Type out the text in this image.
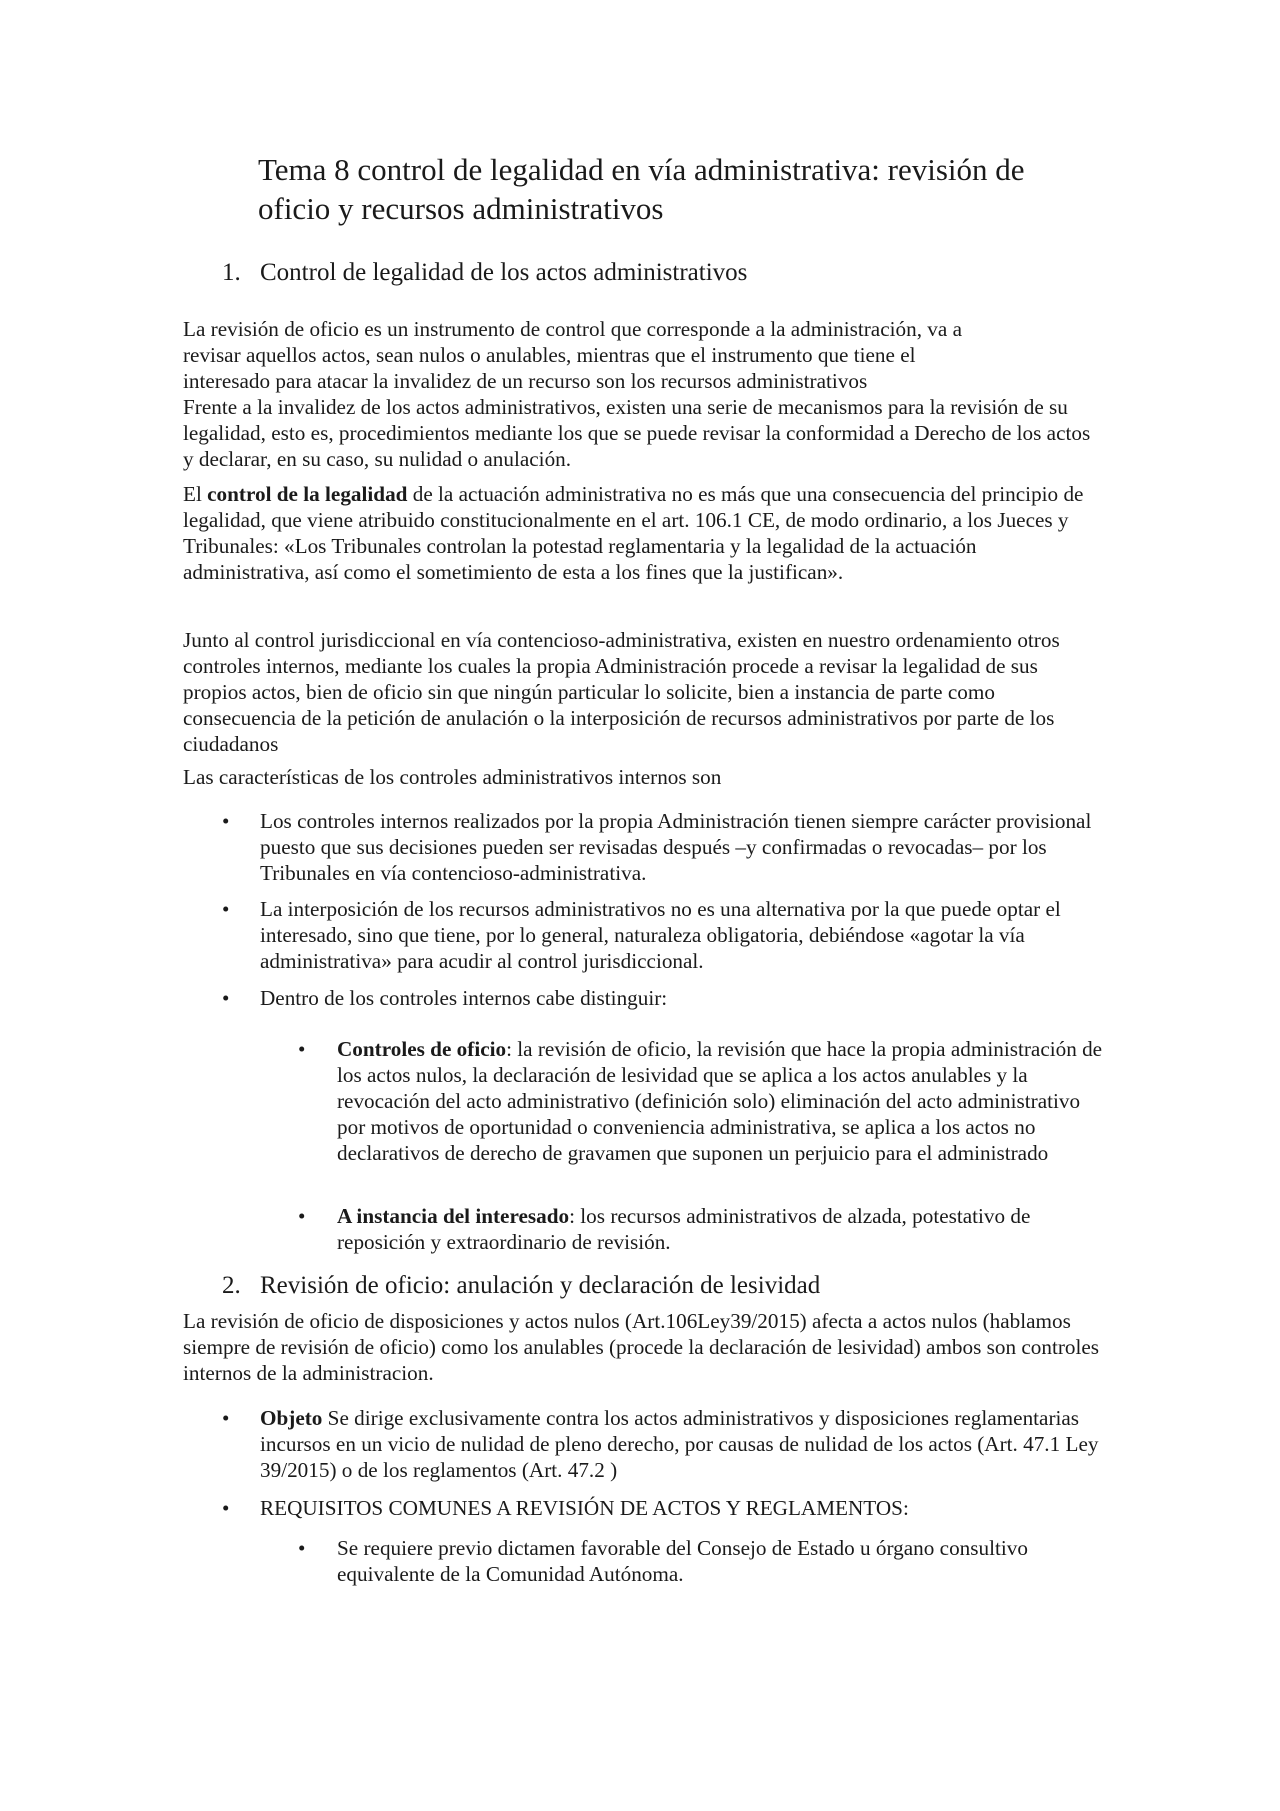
Tema 8 control de legalidad en vía administrativa: revisión de oficio y recursos administrativos
1. Control de legalidad de los actos administrativos
La revisión de oficio es un instrumento de control que corresponde a la administración, va a
revisar aquellos actos, sean nulos o anulables, mientras que el instrumento que tiene el
interesado para atacar la invalidez de un recurso son los recursos administrativos

Frente a la invalidez de los actos administrativos, existen una serie de mecanismos para la revisión de su legalidad, esto es, procedimientos mediante los que se puede revisar la conformidad a Derecho de los actos y declarar, en su caso, su nulidad o anulación.

El control de la legalidad de la actuación administrativa no es más que una consecuencia del principio de legalidad, que viene atribuido constitucionalmente en el art. 106.1 CE, de modo ordinario, a los Jueces y Tribunales: «Los Tribunales controlan la potestad reglamentaria y la legalidad de la actuación administrativa, así como el sometimiento de esta a los fines que la justifican».

Junto al control jurisdiccional en vía contencioso-administrativa, existen en nuestro ordenamiento otros controles internos, mediante los cuales la propia Administración procede a revisar la legalidad de sus propios actos, bien de oficio sin que ningún particular lo solicite, bien a instancia de parte como consecuencia de la petición de anulación o la interposición de recursos administrativos por parte de los ciudadanos

Las características de los controles administrativos internos son

• Los controles internos realizados por la propia Administración tienen siempre carácter provisional puesto que sus decisiones pueden ser revisadas después –y confirmadas o revocadas– por los Tribunales en vía contencioso-administrativa.
• La interposición de los recursos administrativos no es una alternativa por la que puede optar el interesado, sino que tiene, por lo general, naturaleza obligatoria, debiéndose «agotar la vía administrativa» para acudir al control jurisdiccional.
• Dentro de los controles internos cabe distinguir:
• Controles de oficio: la revisión de oficio, la revisión que hace la propia administración de los actos nulos, la declaración de lesividad que se aplica a los actos anulables y la revocación del acto administrativo (definición solo) eliminación del acto administrativo por motivos de oportunidad o conveniencia administrativa, se aplica a los actos no declarativos de derecho de gravamen que suponen un perjuicio para el administrado
• A instancia del interesado: los recursos administrativos de alzada, potestativo de reposición y extraordinario de revisión.
2. Revisión de oficio: anulación y declaración de lesividad

La revisión de oficio de disposiciones y actos nulos (Art.106Ley39/2015) afecta a actos nulos (hablamos siempre de revisión de oficio) como los anulables (procede la declaración de lesividad) ambos son controles internos de la administracion.

• Objeto Se dirige exclusivamente contra los actos administrativos y disposiciones reglamentarias incursos en un vicio de nulidad de pleno derecho, por causas de nulidad de los actos (Art. 47.1 Ley 39/2015) o de los reglamentos (Art. 47.2 )
• REQUISITOS COMUNES A REVISIÓN DE ACTOS Y REGLAMENTOS:
• Se requiere previo dictamen favorable del Consejo de Estado u órgano consultivo equivalente de la Comunidad Autónoma.
